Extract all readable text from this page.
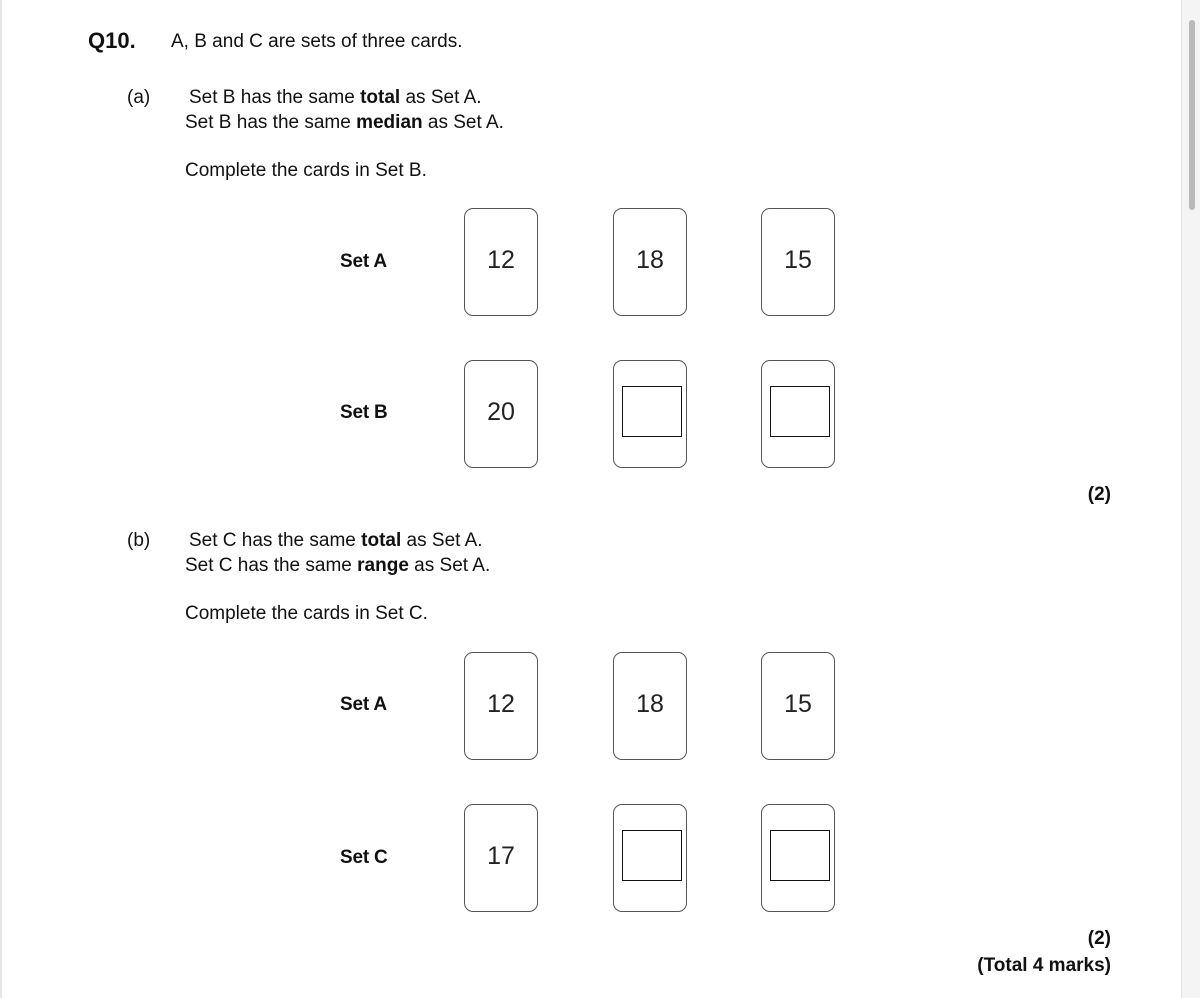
Q10. A, B and C are sets of three cards.
(a) Set B has the same total as Set A.
Set B has the same median as Set A.
Complete the cards in Set B.
Set A	12	18	15
Set B	20
(2)
(b) Set C has the same total as Set A.
Set C has the same range as Set A.
Complete the cards in Set C.
Set A	12	18	15
Set C	17
(2)
(Total 4 marks)
